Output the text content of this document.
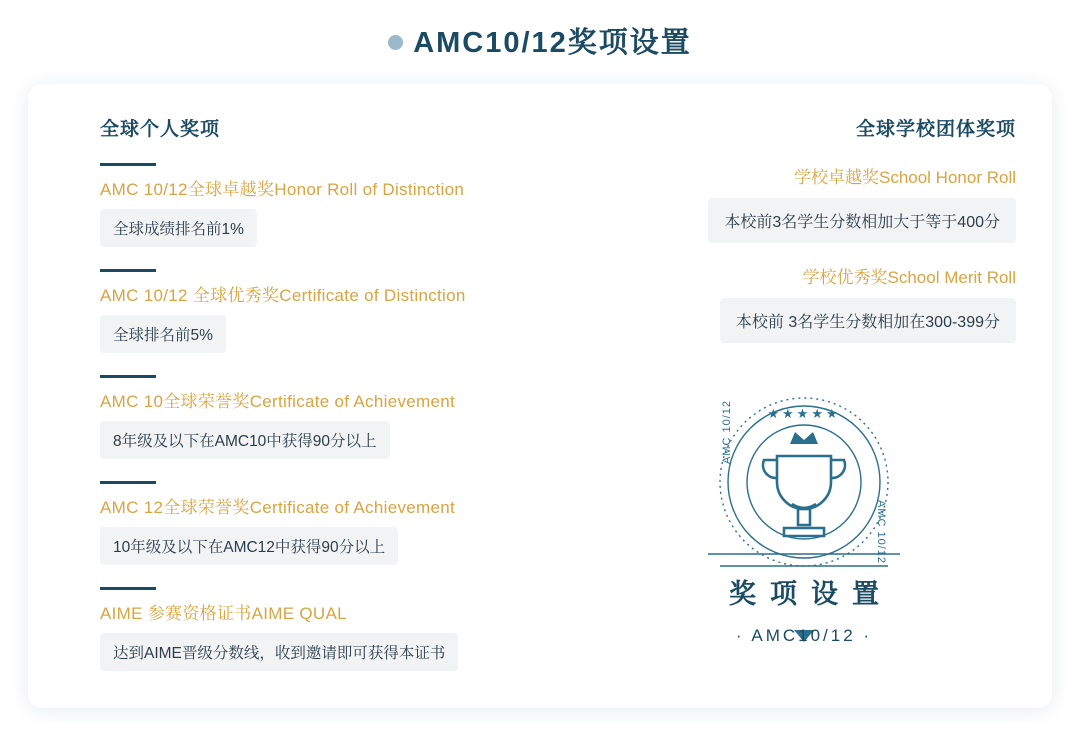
AMC10/12奖项设置
全球个人奖项
AMC 10/12全球卓越奖Honor Roll of Distinction
全球成绩排名前1%
AMC 10/12 全球优秀奖Certificate of Distinction
全球排名前5%
AMC 10全球荣誉奖Certificate of Achievement
8年级及以下在AMC10中获得90分以上
AMC 12全球荣誉奖Certificate of Achievement
10年级及以下在AMC12中获得90分以上
AIME 参赛资格证书AIME QUAL
达到AIME晋级分数线，收到邀请即可获得本证书
全球学校团体奖项
学校卓越奖School Honor Roll
本校前3名学生分数相加大于等于400分
学校优秀奖School Merit Roll
本校前 3名学生分数相加在300-399分
★★★★★
AMC 10/12
AMC 10/12
奖项设置
· AMC10/12 ·
